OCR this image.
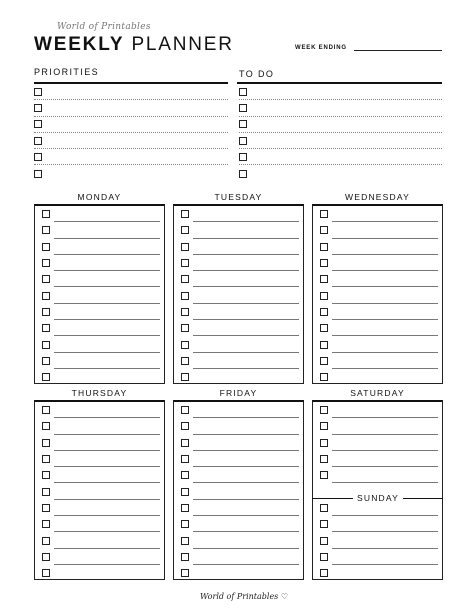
World of Printables
WEEKLY PLANNER	WEEK ENDING
PRIORITIES	TO DO
MONDAY	TUESDAY	WEDNESDAY
THURSDAY	FRIDAY	SATURDAY
SUNDAY
World of Printables ♡
